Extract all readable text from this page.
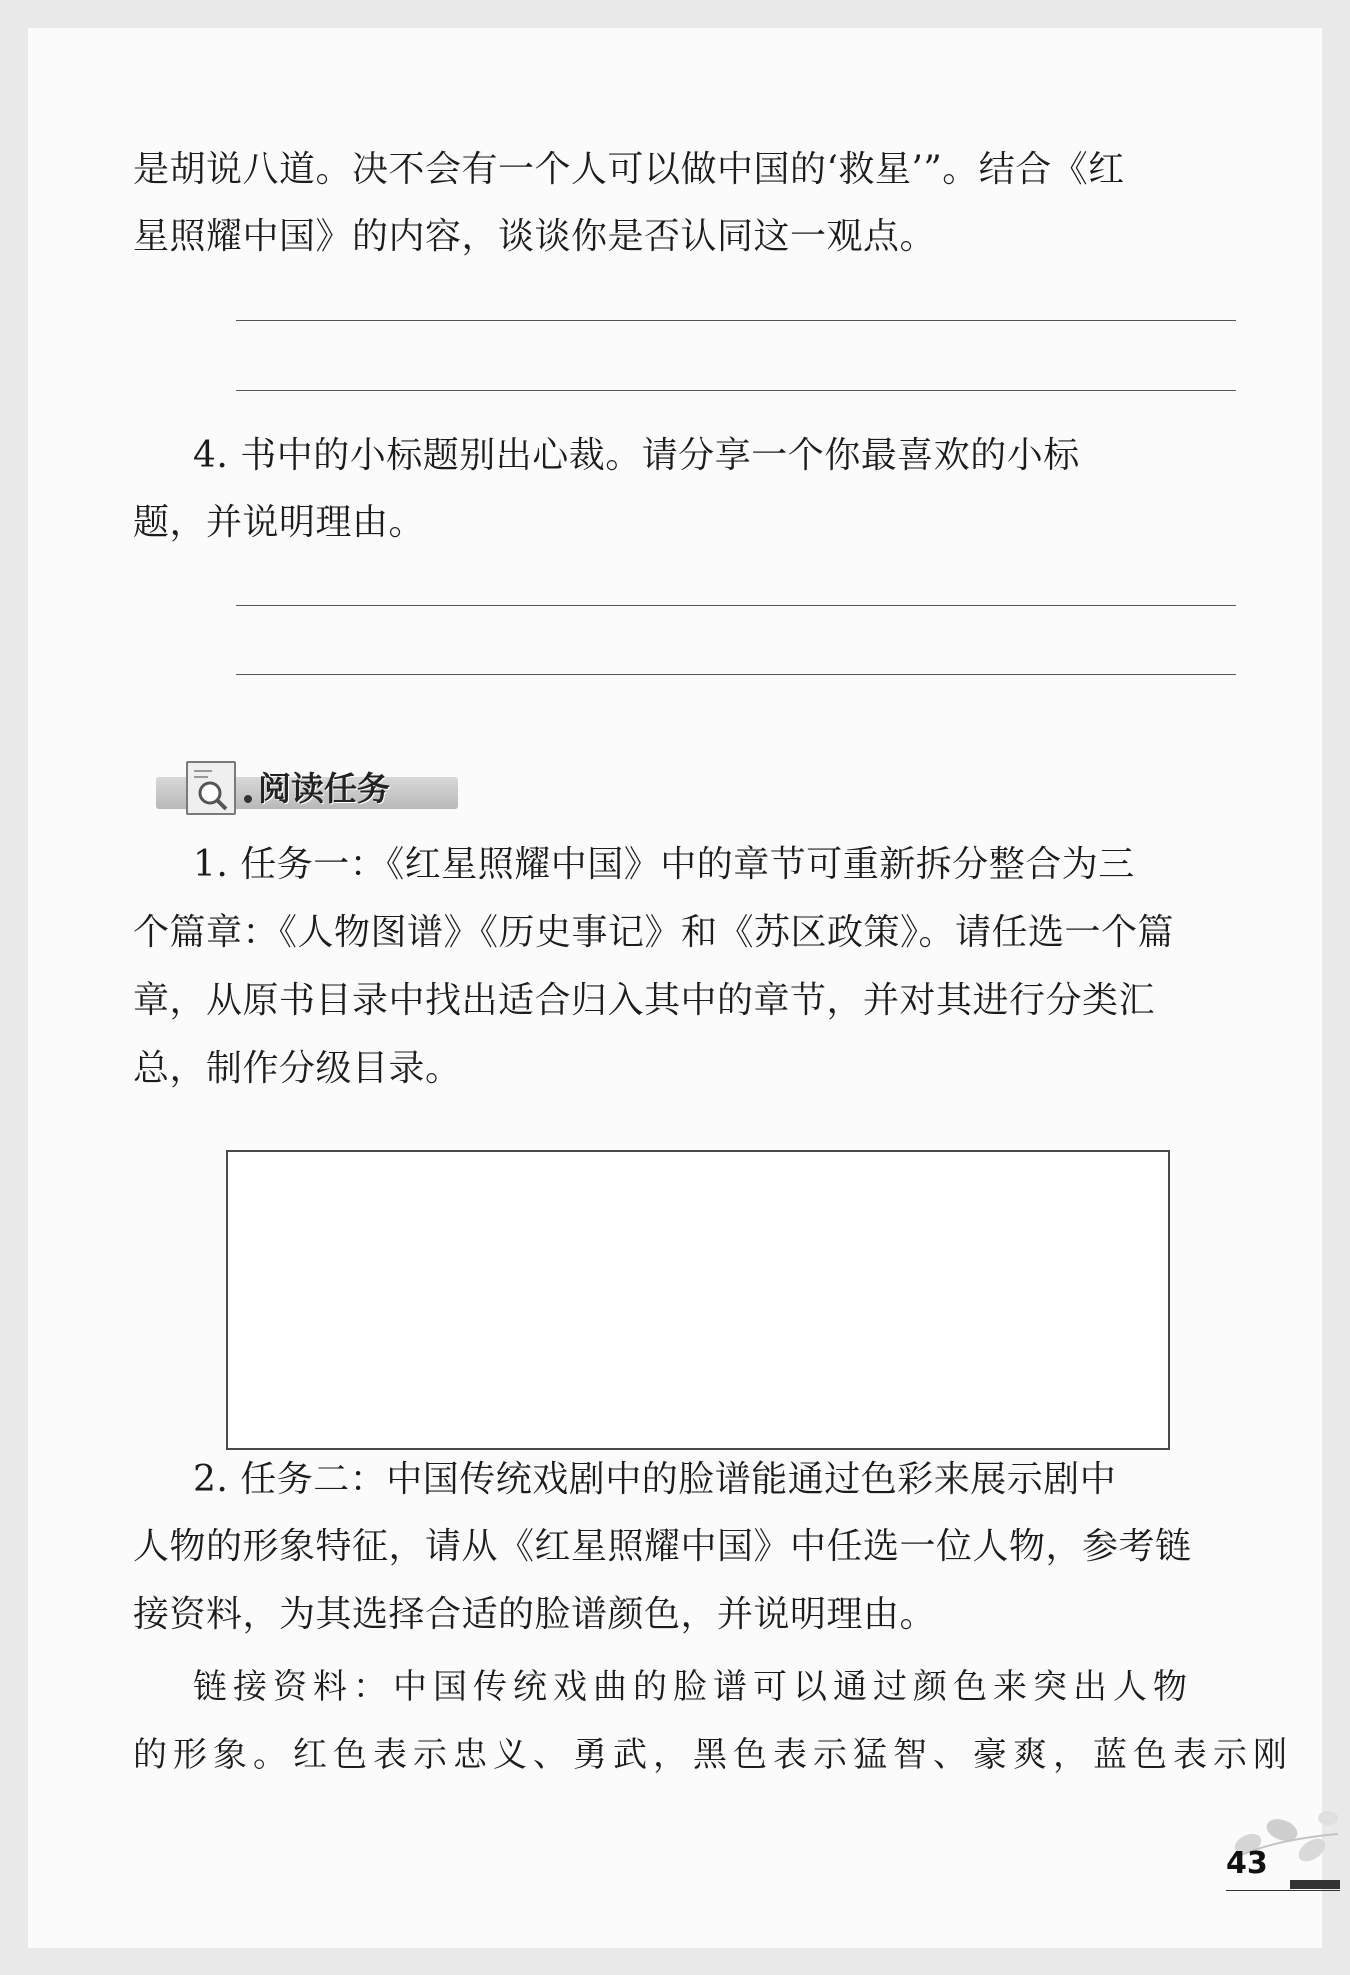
是胡说八道。决不会有一个人可以做中国的‘救星’”。结合《红
星照耀中国》的内容，谈谈你是否认同这一观点。
4. 书中的小标题别出心裁。请分享一个你最喜欢的小标
题，并说明理由。
阅读任务
1. 任务一：《红星照耀中国》中的章节可重新拆分整合为三
个篇章：《人物图谱》《历史事记》和《苏区政策》。请任选一个篇
章，从原书目录中找出适合归入其中的章节，并对其进行分类汇
总，制作分级目录。
2. 任务二：中国传统戏剧中的脸谱能通过色彩来展示剧中
人物的形象特征，请从《红星照耀中国》中任选一位人物，参考链
接资料，为其选择合适的脸谱颜色，并说明理由。
链接资料：中国传统戏曲的脸谱可以通过颜色来突出人物
的形象。红色表示忠义、勇武，黑色表示猛智、豪爽，蓝色表示刚
43
